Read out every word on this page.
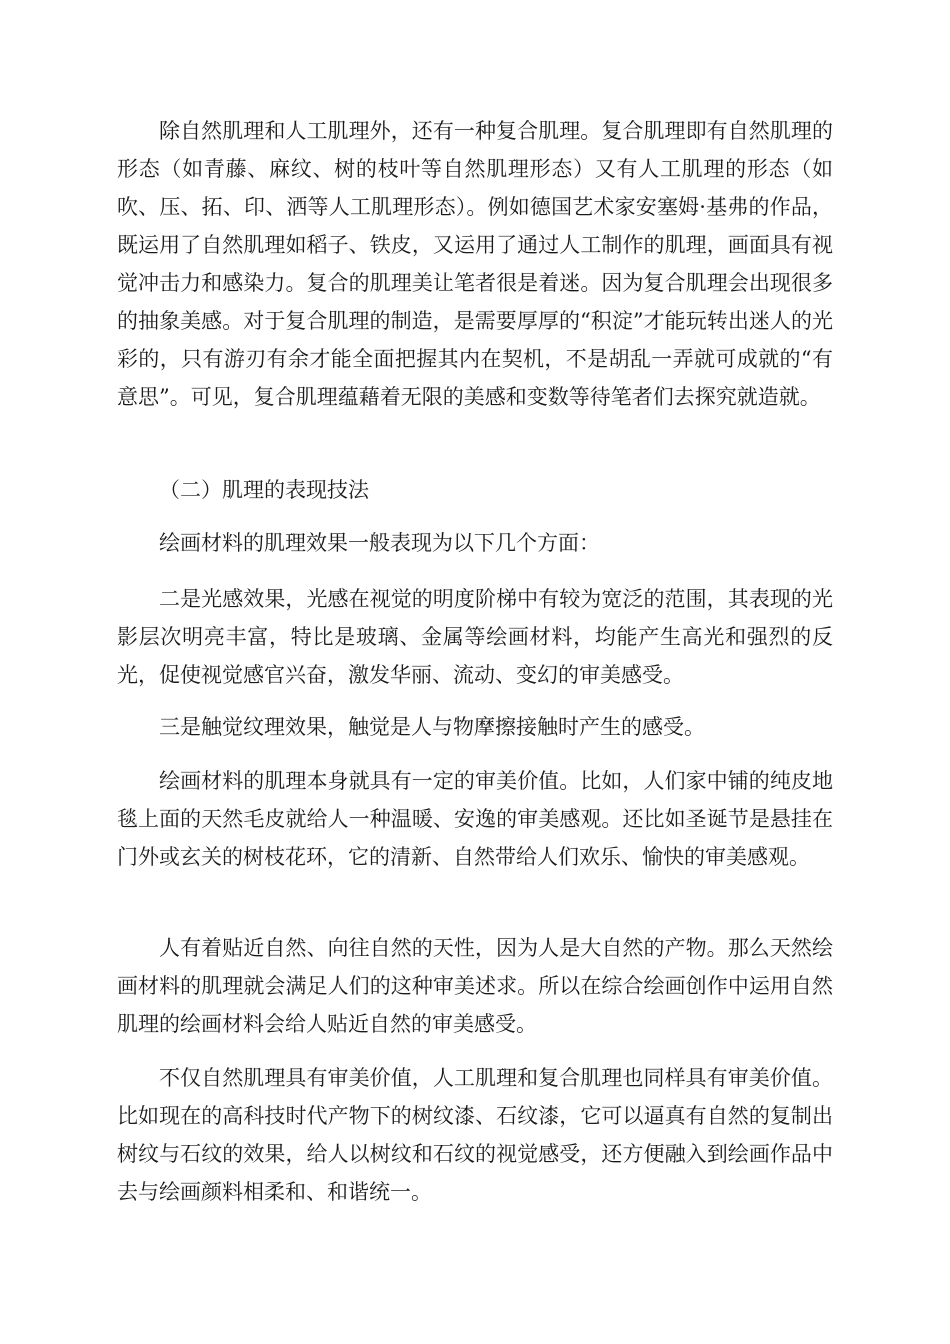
除自然肌理和人工肌理外，还有一种复合肌理。复合肌理即有自然肌理的形态（如青藤、麻纹、树的枝叶等自然肌理形态）又有人工肌理的形态（如吹、压、拓、印、洒等人工肌理形态）。例如德国艺术家安塞姆·基弗的作品，既运用了自然肌理如稻子、铁皮，又运用了通过人工制作的肌理，画面具有视觉冲击力和感染力。复合的肌理美让笔者很是着迷。因为复合肌理会出现很多的抽象美感。对于复合肌理的制造，是需要厚厚的“积淀”才能玩转出迷人的光彩的，只有游刃有余才能全面把握其内在契机，不是胡乱一弄就可成就的“有意思”。可见，复合肌理蕴藉着无限的美感和变数等待笔者们去探究就造就。

（二）肌理的表现技法

绘画材料的肌理效果一般表现为以下几个方面：

二是光感效果，光感在视觉的明度阶梯中有较为宽泛的范围，其表现的光影层次明亮丰富，特比是玻璃、金属等绘画材料，均能产生高光和强烈的反光，促使视觉感官兴奋，激发华丽、流动、变幻的审美感受。

三是触觉纹理效果，触觉是人与物摩擦接触时产生的感受。

绘画材料的肌理本身就具有一定的审美价值。比如，人们家中铺的纯皮地毯上面的天然毛皮就给人一种温暖、安逸的审美感观。还比如圣诞节是悬挂在门外或玄关的树枝花环，它的清新、自然带给人们欢乐、愉快的审美感观。

人有着贴近自然、向往自然的天性，因为人是大自然的产物。那么天然绘画材料的肌理就会满足人们的这种审美述求。所以在综合绘画创作中运用自然肌理的绘画材料会给人贴近自然的审美感受。

不仅自然肌理具有审美价值，人工肌理和复合肌理也同样具有审美价值。比如现在的高科技时代产物下的树纹漆、石纹漆，它可以逼真有自然的复制出树纹与石纹的效果，给人以树纹和石纹的视觉感受，还方便融入到绘画作品中去与绘画颜料相柔和、和谐统一。
